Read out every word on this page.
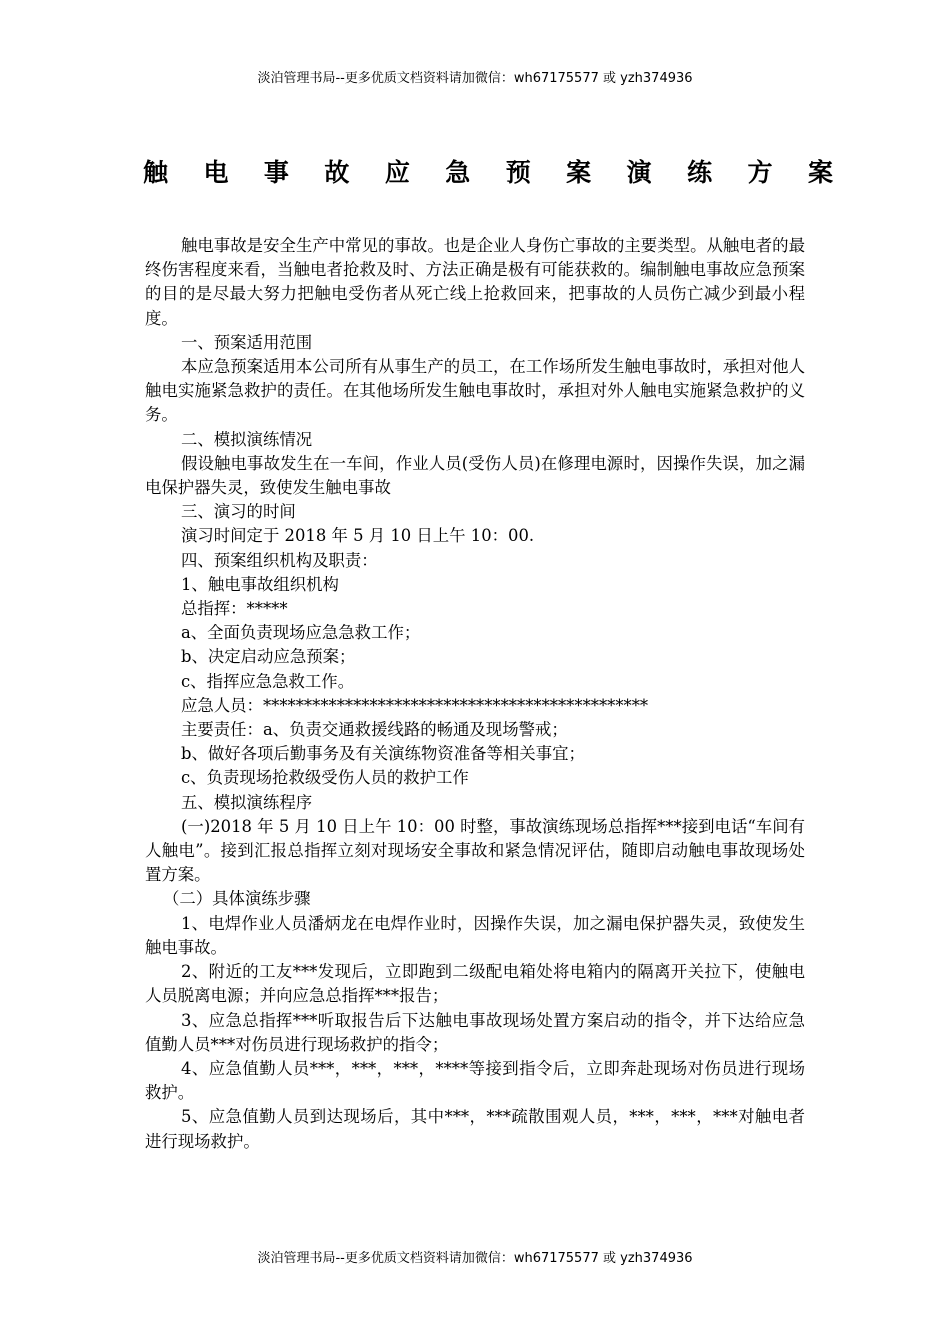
淡泊管理书局--更多优质文档资料请加微信：wh67175577 或 yzh374936
触 电 事 故 应 急 预 案 演 练 方 案

触电事故是安全生产中常见的事故。也是企业人身伤亡事故的主要类型。从触电者的最终伤害程度来看，当触电者抢救及时、方法正确是极有可能获救的。编制触电事故应急预案的目的是尽最大努力把触电受伤者从死亡线上抢救回来，把事故的人员伤亡减少到最小程度。

一、预案适用范围

本应急预案适用本公司所有从事生产的员工，在工作场所发生触电事故时，承担对他人触电实施紧急救护的责任。在其他场所发生触电事故时，承担对外人触电实施紧急救护的义务。

二、模拟演练情况

假设触电事故发生在一车间，作业人员(受伤人员)在修理电源时，因操作失误，加之漏电保护器失灵，致使发生触电事故

三、演习的时间

演习时间定于 2018 年 5 月 10 日上午 10：00.

四、预案组织机构及职责：

1、触电事故组织机构

总指挥：*****

a、全面负责现场应急急救工作；

b、决定启动应急预案；

c、指挥应急急救工作。

应急人员：***********************************************

主要责任：a、负责交通救援线路的畅通及现场警戒；

b、做好各项后勤事务及有关演练物资准备等相关事宜；

c、负责现场抢救级受伤人员的救护工作

五、模拟演练程序

(一)2018 年 5 月 10 日上午 10：00 时整，事故演练现场总指挥***接到电话“车间有人触电”。接到汇报总指挥立刻对现场安全事故和紧急情况评估，随即启动触电事故现场处置方案。

（二）具体演练步骤

1、电焊作业人员潘炳龙在电焊作业时，因操作失误，加之漏电保护器失灵，致使发生触电事故。

2、附近的工友***发现后，立即跑到二级配电箱处将电箱内的隔离开关拉下，使触电人员脱离电源；并向应急总指挥***报告；

3、应急总指挥***听取报告后下达触电事故现场处置方案启动的指令，并下达给应急值勤人员***对伤员进行现场救护的指令；

4、应急值勤人员***，***，***，****等接到指令后，立即奔赴现场对伤员进行现场救护。

5、应急值勤人员到达现场后，其中***，***疏散围观人员，***，***，***对触电者进行现场救护。

淡泊管理书局--更多优质文档资料请加微信：wh67175577 或 yzh374936
